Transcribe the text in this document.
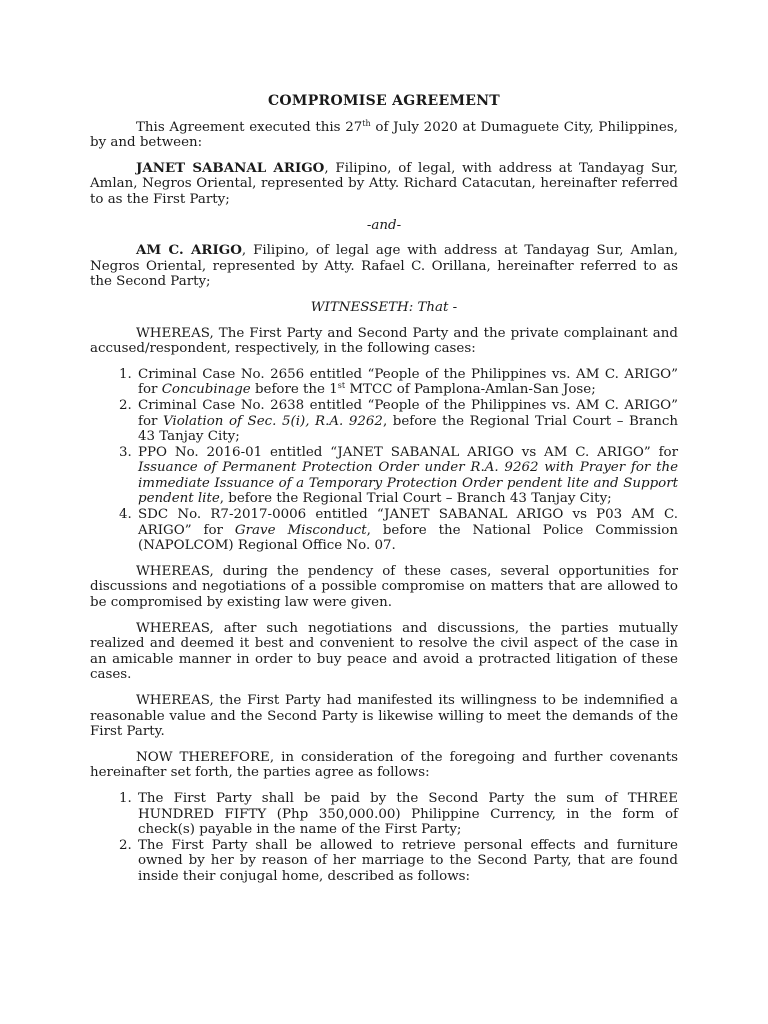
COMPROMISE AGREEMENT

This Agreement executed this 27th of July 2020 at Dumaguete City, Philippines, by and between:

JANET SABANAL ARIGO, Filipino, of legal, with address at Tandayag Sur, Amlan, Negros Oriental, represented by Atty. Richard Catacutan, hereinafter referred to as the First Party;

-and-

AM C. ARIGO, Filipino, of legal age with address at Tandayag Sur, Amlan, Negros Oriental, represented by Atty. Rafael C. Orillana, hereinafter referred to as the Second Party;

WITNESSETH: That -

WHEREAS, The First Party and Second Party and the private complainant and accused/respondent, respectively, in the following cases:

1. Criminal Case No. 2656 entitled “People of the Philippines vs. AM C. ARIGO” for Concubinage before the 1st MTCC of Pamplona-Amlan-San Jose;
2. Criminal Case No. 2638 entitled “People of the Philippines vs. AM C. ARIGO” for Violation of Sec. 5(i), R.A. 9262, before the Regional Trial Court – Branch 43 Tanjay City;
3. PPO No. 2016-01 entitled “JANET SABANAL ARIGO vs AM C. ARIGO” for Issuance of Permanent Protection Order under R.A. 9262 with Prayer for the immediate Issuance of a Temporary Protection Order pendent lite and Support pendent lite, before the Regional Trial Court – Branch 43 Tanjay City;
4. SDC No. R7-2017-0006 entitled “JANET SABANAL ARIGO vs P03 AM C. ARIGO” for Grave Misconduct, before the National Police Commission (NAPOLCOM) Regional Office No. 07.

WHEREAS, during the pendency of these cases, several opportunities for discussions and negotiations of a possible compromise on matters that are allowed to be compromised by existing law were given.

WHEREAS, after such negotiations and discussions, the parties mutually realized and deemed it best and convenient to resolve the civil aspect of the case in an amicable manner in order to buy peace and avoid a protracted litigation of these cases.

WHEREAS, the First Party had manifested its willingness to be indemnified a reasonable value and the Second Party is likewise willing to meet the demands of the First Party.

NOW THEREFORE, in consideration of the foregoing and further covenants hereinafter set forth, the parties agree as follows:

1. The First Party shall be paid by the Second Party the sum of THREE HUNDRED FIFTY (Php 350,000.00) Philippine Currency, in the form of check(s) payable in the name of the First Party;
2. The First Party shall be allowed to retrieve personal effects and furniture owned by her by reason of her marriage to the Second Party, that are found inside their conjugal home, described as follows:
